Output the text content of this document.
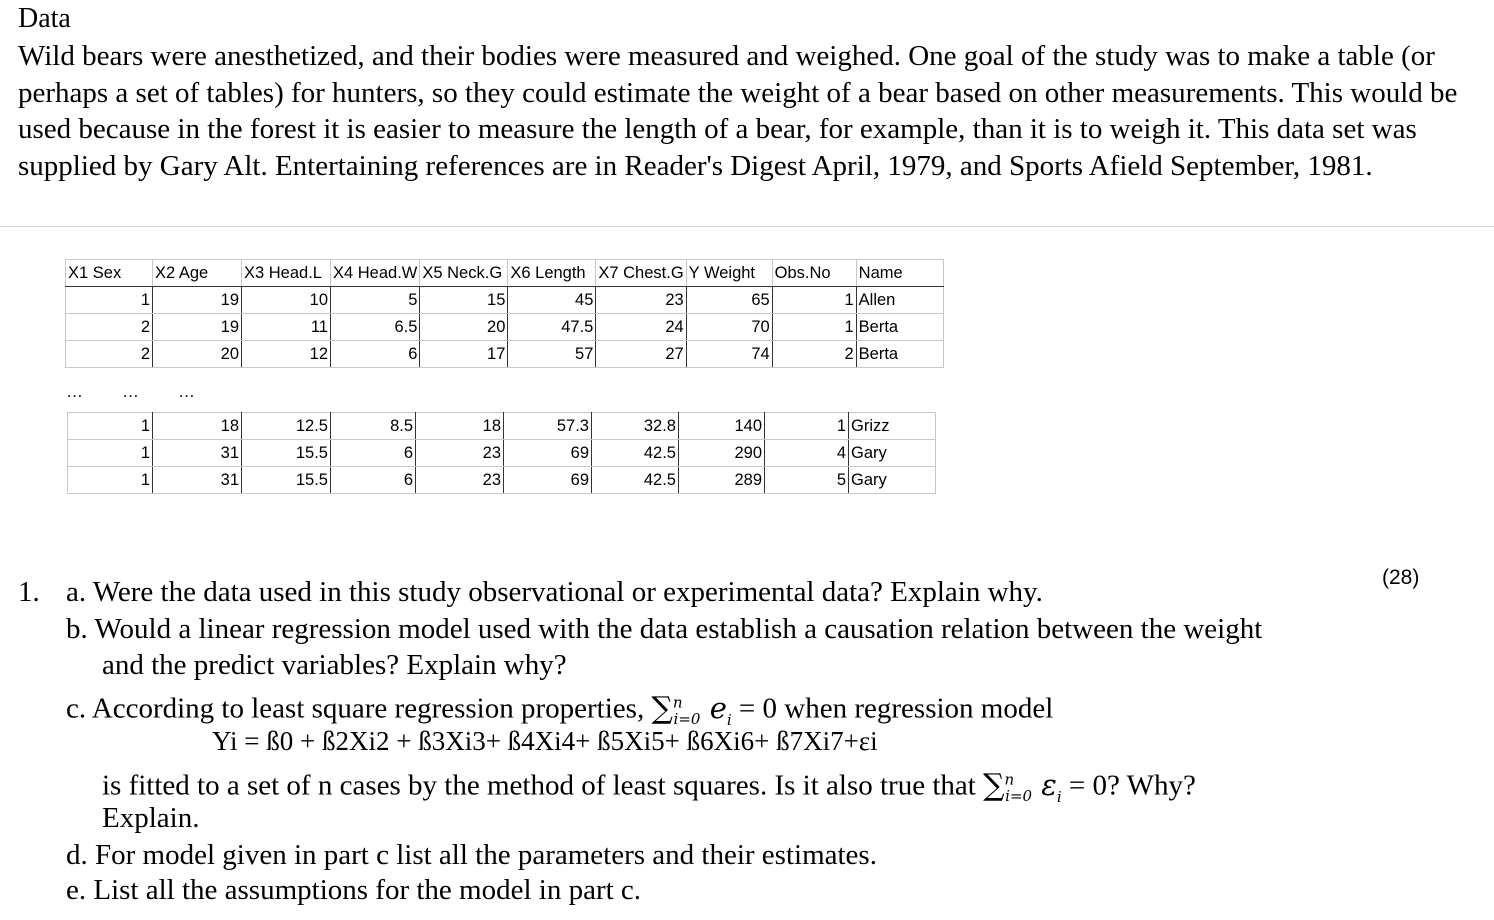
Data
Wild bears were anesthetized, and their bodies were measured and weighed. One goal of the study was to make a table (or perhaps a set of tables) for hunters, so they could estimate the weight of a bear based on other measurements. This would be used because in the forest it is easier to measure the length of a bear, for example, than it is to weigh it. This data set was supplied by Gary Alt. Entertaining references are in Reader's Digest April, 1979, and Sports Afield September, 1981.
X1 Sex	X2 Age	X3 Head.L	X4 Head.W	X5 Neck.G	X6 Length	X7 Chest.G	Y Weight	Obs.No	Name
1	19	10	5	15	45	23	65	1	Allen
2	19	11	6.5	20	47.5	24	70	1	Berta
2	20	12	6	17	57	27	74	2	Berta
… … …
1	18	12.5	8.5	18	57.3	32.8	140	1	Grizz
1	31	15.5	6	23	69	42.5	290	4	Gary
1	31	15.5	6	23	69	42.5	289	5	Gary
(28)
1. a. Were the data used in this study observational or experimental data? Explain why.
b. Would a linear regression model used with the data establish a causation relation between the weight
and the predict variables? Explain why?
c. According to least square regression properties, ∑$^n_{i=0}$ $e_i = 0$ when regression model
Yi = ß0 + ß2Xi2 + ß3Xi3+ ß4Xi4+ ß5Xi5+ ß6Xi6+ ß7Xi7+εi
is fitted to a set of n cases by the method of least squares. Is it also true that ∑$^n_{i=0}$ $\varepsilon_i = 0$? Why?
Explain.
d. For model given in part c list all the parameters and their estimates.
e. List all the assumptions for the model in part c.
